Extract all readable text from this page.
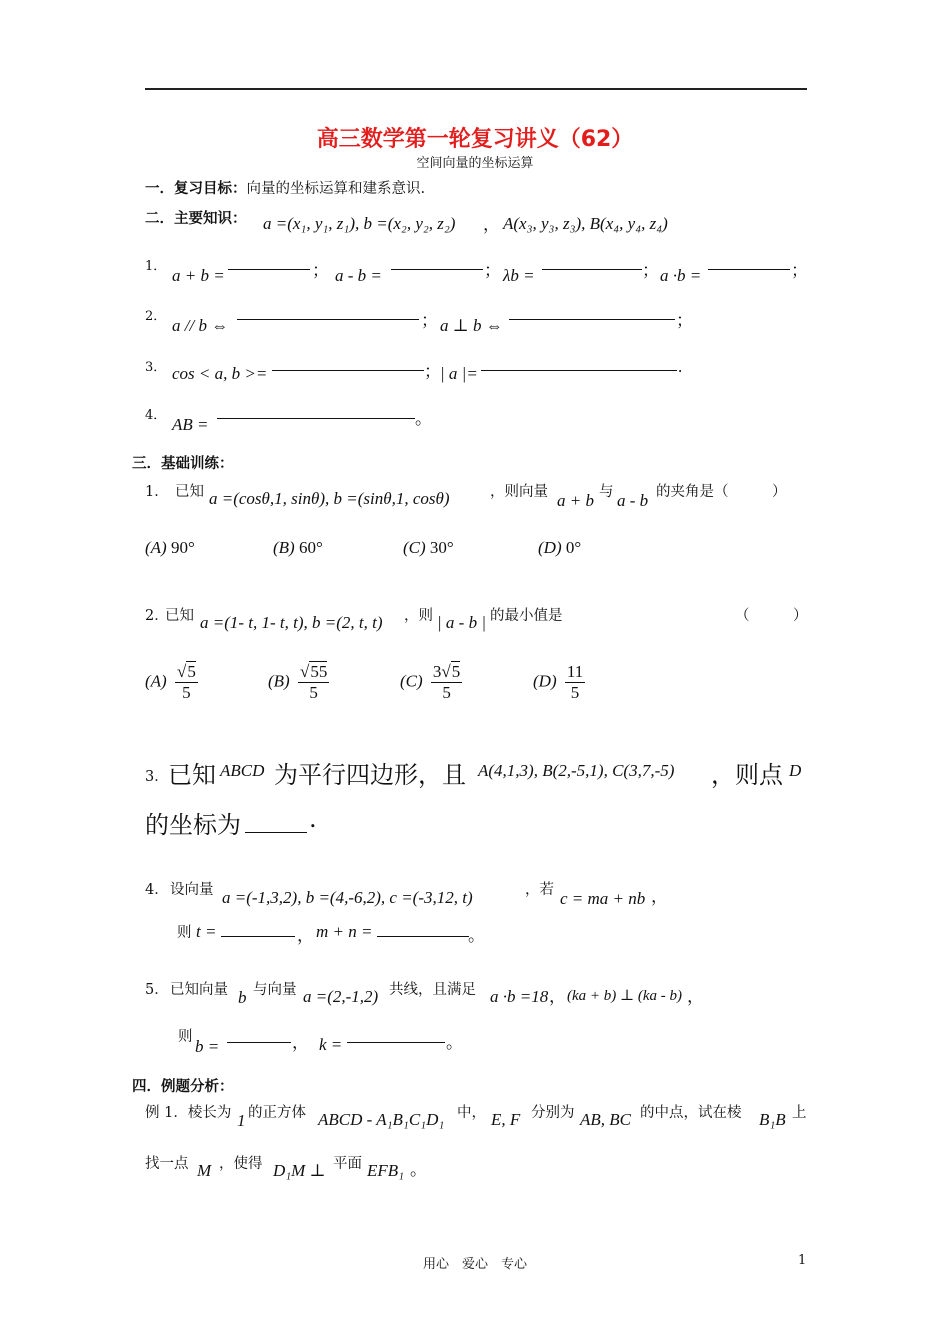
高三数学第一轮复习讲义（62）
空间向量的坐标运算
一．复习目标：向量的坐标运算和建系意识.
二．主要知识： a =(x₁, y₁, z₁), b =(x₂, y₂, z₂) ， A(x₃, y₃, z₃), B(x₄, y₄, z₄)
1． a + b =	； a - b =	； λb =	； a ·b =	；
2． a // b ⇔	； a ⊥ b ⇔	；
3． cos < a, b >=	； | a |=	.
4． AB =	。
三．基础训练：
1． 已知 a =(cosθ,1, sinθ), b =(sinθ,1, cosθ)	，则向量 a + b 与 a - b 的夹角是（　　　）
(A) 90°	(B) 60°	(C) 30°	(D) 0°
2．
已知 a =(1- t, 1- t, t), b =(2, t, t) ，则 | a - b | 的最小值是	（　　　）
$(A) \frac{√5}{5}$	$(B) \frac{√55}{5}$	$(C) \frac{3√5}{5}$	$(D) \frac{11}{5}$
3． 已知 ABCD 为平行四边形，且 A(4,1,3), B(2,-5,1), C(3,7,-5) ，则点 D
的坐标为	.
4． 设向量 a =(-1,3,2), b =(4,-6,2), c =(-3,12, t)	，若 c = ma + nb ，
则 t =	， m + n =	。
5． 已知向量 b 与向量 a =(2,-1,2) 共线，且满足 a ·b =18 ， (ka + b) ⊥ (ka - b) ，
则 b =	， k =	。
四．例题分析：
例 1．棱长为 1 的正方体 ABCD - A₁B₁C₁D₁ 中， E, F 分别为 AB, BC 的中点，试在棱 B₁B 上
找一点 M ，使得 D₁M ⊥ 平面 EFB₁ 。
用心　爱心　专心	1
